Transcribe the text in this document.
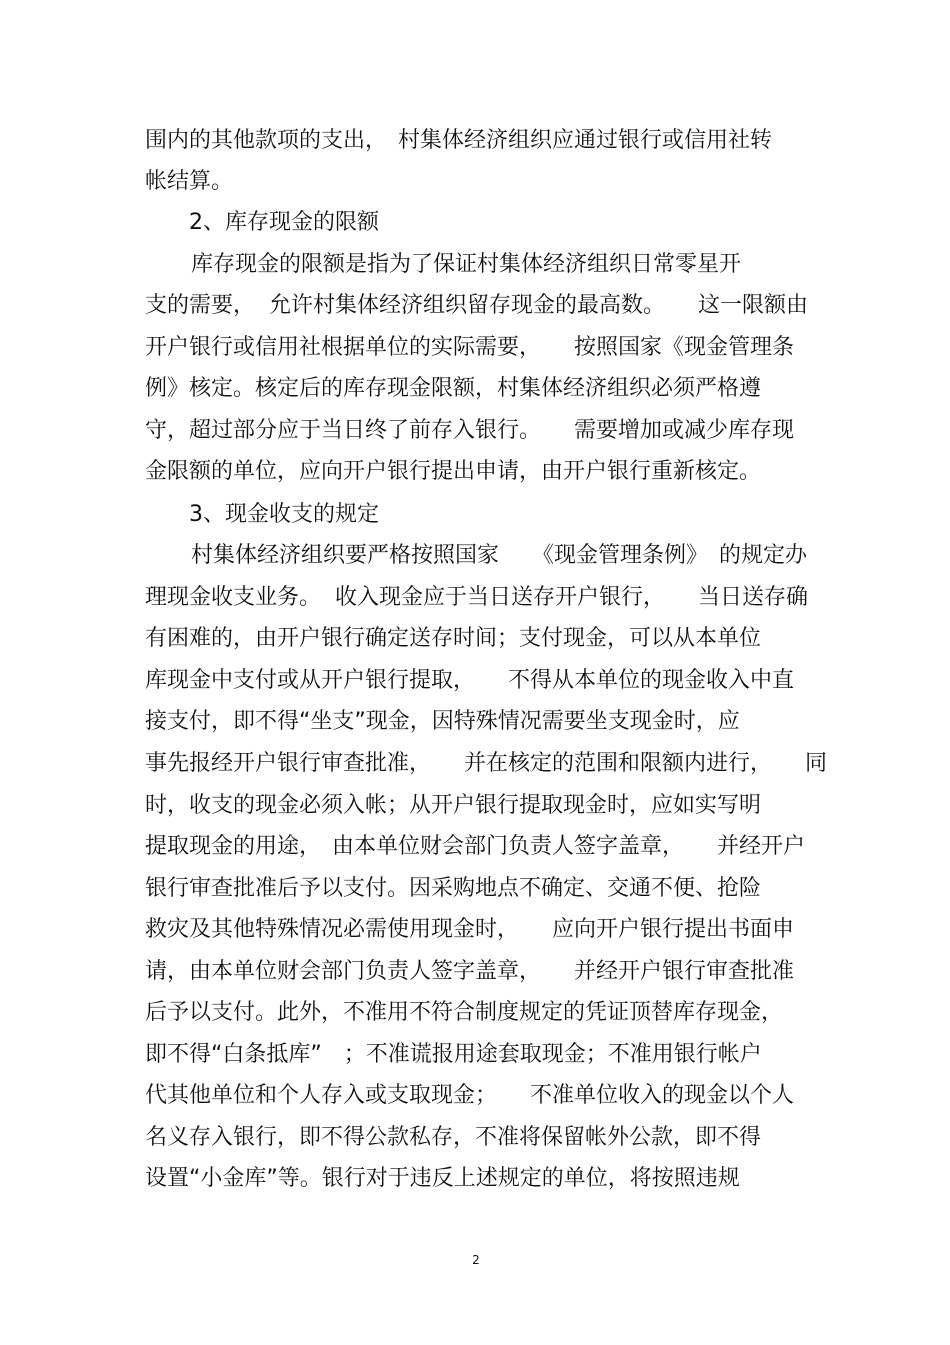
围内的其他款项的支出，　村集体经济组织应通过银行或信用社转
帐结算。
2、库存现金的限额
库存现金的限额是指为了保证村集体经济组织日常零星开
支的需要，  允许村集体经济组织留存现金的最高数。　　这一限额由
开户银行或信用社根据单位的实际需要，　　按照国家《现金管理条
例》核定。核定后的库存现金限额，村集体经济组织必须严格遵
守，超过部分应于当日终了前存入银行。　　需要增加或减少库存现
金限额的单位，应向开户银行提出申请，由开户银行重新核定。
3、现金收支的规定
村集体经济组织要严格按照国家　　《现金管理条例》　的规定办
理现金收支业务。  收入现金应于当日送存开户银行，　　当日送存确
有困难的，由开户银行确定送存时间；支付现金，可以从本单位
库现金中支付或从开户银行提取，　　不得从本单位的现金收入中直
接支付，即不得“坐支”现金，因特殊情况需要坐支现金时，应
事先报经开户银行审查批准，　　并在核定的范围和限额内进行，　　同
时，收支的现金必须入帐；从开户银行提取现金时，应如实写明
提取现金的用途，　由本单位财会部门负责人签字盖章，　　并经开户
银行审查批准后予以支付。因采购地点不确定、交通不便、抢险
救灾及其他特殊情况必需使用现金时，　　应向开户银行提出书面申
请，由本单位财会部门负责人签字盖章，　　并经开户银行审查批准
后予以支付。此外，不准用不符合制度规定的凭证顶替库存现金，
即不得“白条抵库”　；不准谎报用途套取现金；不准用银行帐户
代其他单位和个人存入或支取现金；　　不准单位收入的现金以个人
名义存入银行，即不得公款私存，不准将保留帐外公款，即不得
设置“小金库”等。银行对于违反上述规定的单位，将按照违规
2
